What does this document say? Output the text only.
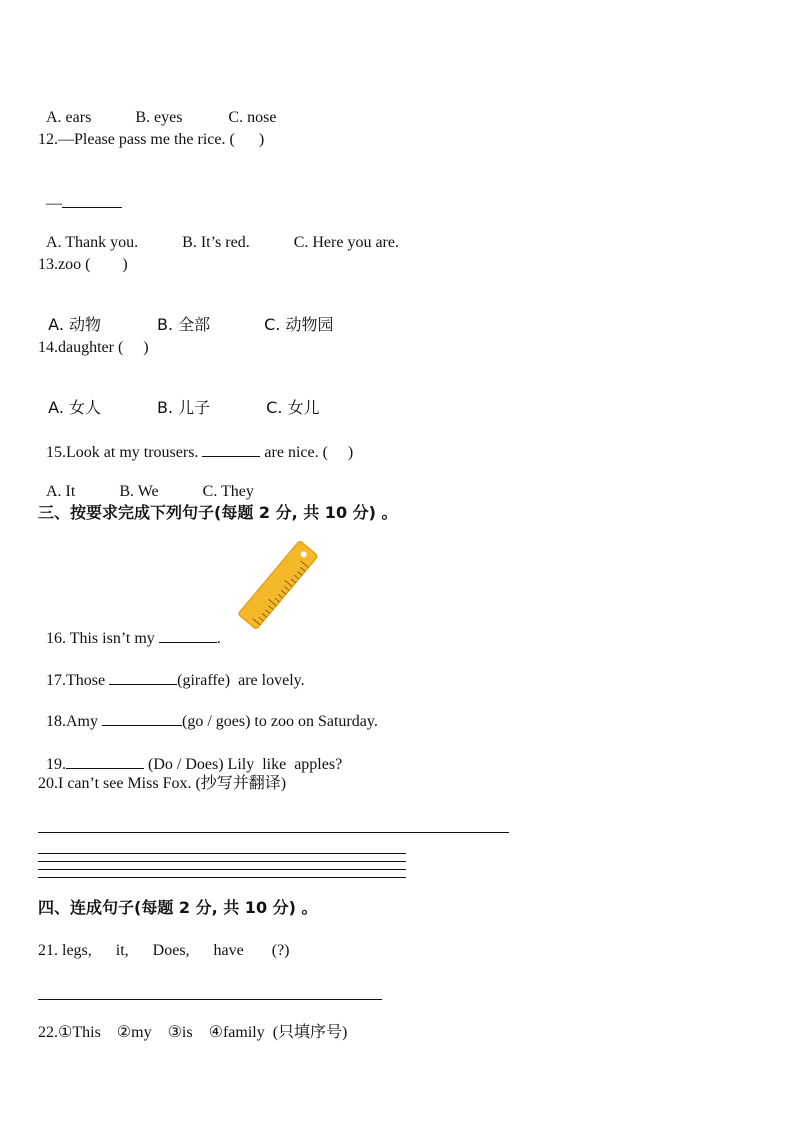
A. ears	B. eyes	C. nose

12.—Please pass me the rice. (      )

—

A. Thank you.	B. It’s red.	C. Here you are.

13.zoo (        )

A. 动物	B. 全部	C. 动物园

14.daughter (     )

A. 女人	B. 儿子	C. 女儿

15.Look at my trousers.	are nice. (     )

A. It	B. We	C. They

三、按要求完成下列句子(每题 2 分, 共 10 分) 。

16. This isn’t my	.

17.Those	(giraffe)  are lovely.

18.Amy	(go / goes) to zoo on Saturday.

19.	(Do / Does) Lily  like  apples?

20.I can’t see Miss Fox. (抄写并翻译)
四、连成句子(每题 2 分, 共 10 分) 。
21. legs,      it,      Does,      have       (?)
22.①This    ②my    ③is    ④family  (只填序号)
